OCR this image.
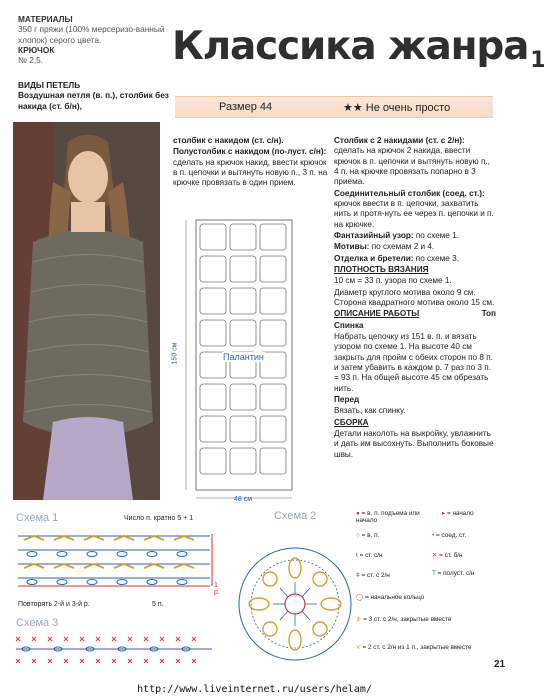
МАТЕРИАЛЫ
350 г пряжи (100% мерсеризо-ванный хлопок) серого цвета.
КРЮЧОК
№ 2,5.
ВИДЫ ПЕТЕЛЬ
Воздушная петля (в. п.), столбик без накида (ст. б/н),
Классика жанра$_1$
Размер 44	★★ Не очень просто

столбик с накидом (ст. с/н).

Полустолбик с накидом (по-луст. с/н): сделать на крючок накид, ввести крючок в п. цепочки и вытянуть новую п., 3 п. на крючке провязать в один прием.

Палантин
150 см
48 см

Столбик с 2 накидами (ст. с 2/н): сделать на крючок 2 накида, ввести крючок в п. цепочки и вытянуть новую п., 4 п. на крючке провязать попарно в 3 приема.

Соединительный столбик (соед. ст.): крючок ввести в п. цепочки, захватить нить и протя-нуть ее через п. цепочки и п. на крючке.

Фантазийный узор: по схеме 1.

Мотивы: по схемам 2 и 4.

Отделка и бретели: по схеме 3.

ПЛОТНОСТЬ ВЯЗАНИЯ

10 см = 33 п. узора по схеме 1.

Диаметр круглого мотива около 9 см. Сторона квадратного мотива около 15 см.

ОПИСАНИЕ РАБОТЫ	Топ

Спинка

Набрать цепочку из 151 в. п. и вязать узором по схеме 1. На высоте 40 см закрыть для пройм с обеих сторон по 8 п. и затем убавить в каждом р. 7 раз по 3 п. = 93 п. На общей высоте 45 см обрезать нить.

Перед

Вязать, как спинку.

СБОРКА

Детали наколоть на выкройку, увлажнить и дать им высохнуть. Выполнить боковые швы.

Схема 1	Число п. кратно 5 + 1
Повторять 2-й и 3-й р.	5 п.
1 р.
Схема 3
Схема 2	● = в. п. подъема или начало
▸ = начало
○ = в. п.	• = соед. ст.
ŧ = ст. с/н	✕ = ст. б/н
ǂ = ст. с 2/н	T = полуст. с/н
◯ = начальное кольцо
⋔ = 3 ст. с 2/н, закрытые вместе
⋎ = 2 ст. с 2/н из 1 п., закрытые вместе
21
http://www.liveinternet.ru/users/helam/
